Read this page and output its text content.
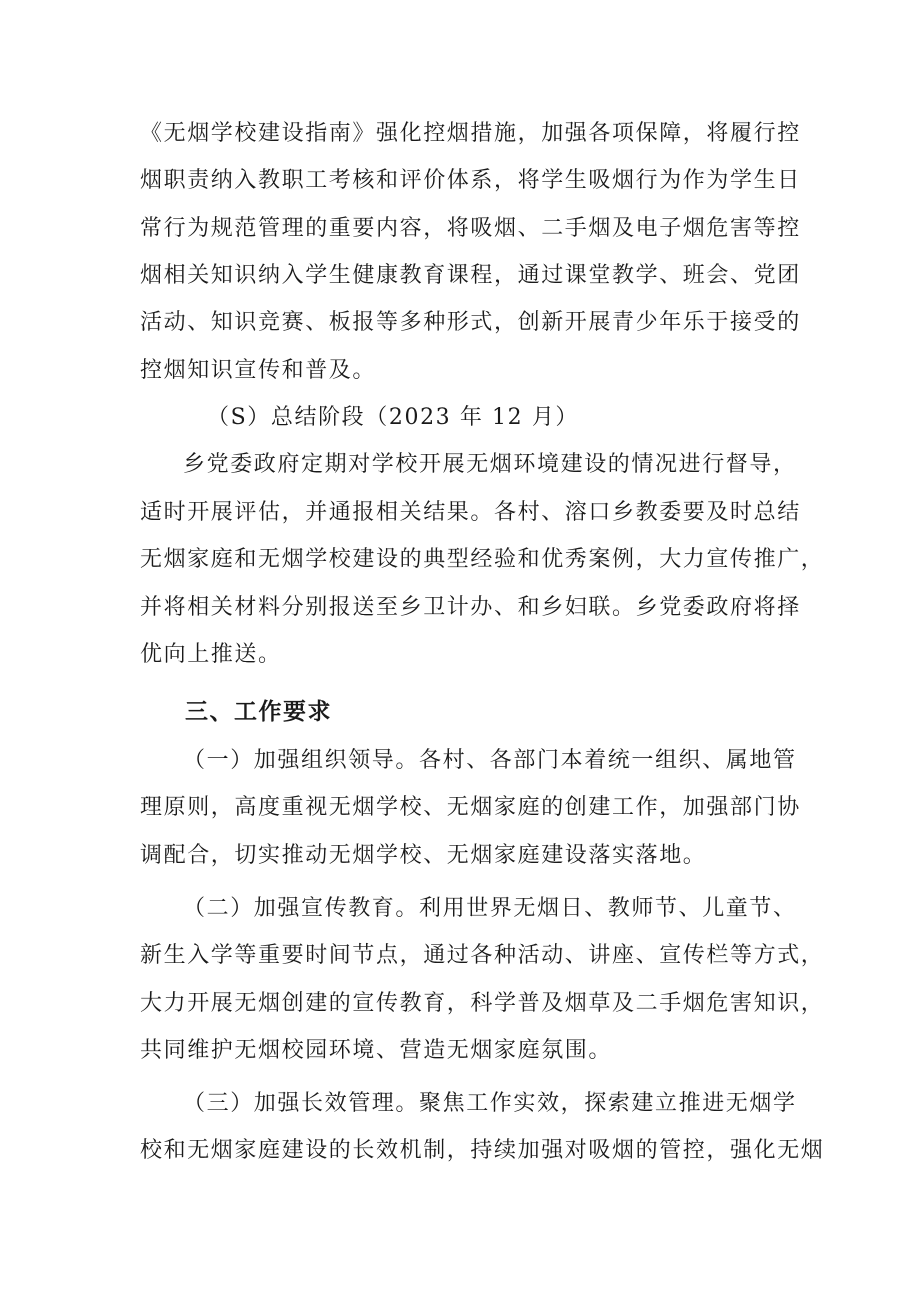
《无烟学校建设指南》强化控烟措施，加强各项保障，将履行控
烟职责纳入教职工考核和评价体系，将学生吸烟行为作为学生日
常行为规范管理的重要内容，将吸烟、二手烟及电子烟危害等控
烟相关知识纳入学生健康教育课程，通过课堂教学、班会、党团
活动、知识竞赛、板报等多种形式，创新开展青少年乐于接受的
控烟知识宣传和普及。
（S）总结阶段（2023 年 12 月）
乡党委政府定期对学校开展无烟环境建设的情况进行督导，
适时开展评估，并通报相关结果。各村、溶口乡教委要及时总结
无烟家庭和无烟学校建设的典型经验和优秀案例，大力宣传推广，
并将相关材料分别报送至乡卫计办、和乡妇联。乡党委政府将择
优向上推送。
三、工作要求
（一）加强组织领导。各村、各部门本着统一组织、属地管
理原则，高度重视无烟学校、无烟家庭的创建工作，加强部门协
调配合，切实推动无烟学校、无烟家庭建设落实落地。
（二）加强宣传教育。利用世界无烟日、教师节、儿童节、
新生入学等重要时间节点，通过各种活动、讲座、宣传栏等方式，
大力开展无烟创建的宣传教育，科学普及烟草及二手烟危害知识，
共同维护无烟校园环境、营造无烟家庭氛围。
（三）加强长效管理。聚焦工作实效，探索建立推进无烟学
校和无烟家庭建设的长效机制，持续加强对吸烟的管控，强化无烟
